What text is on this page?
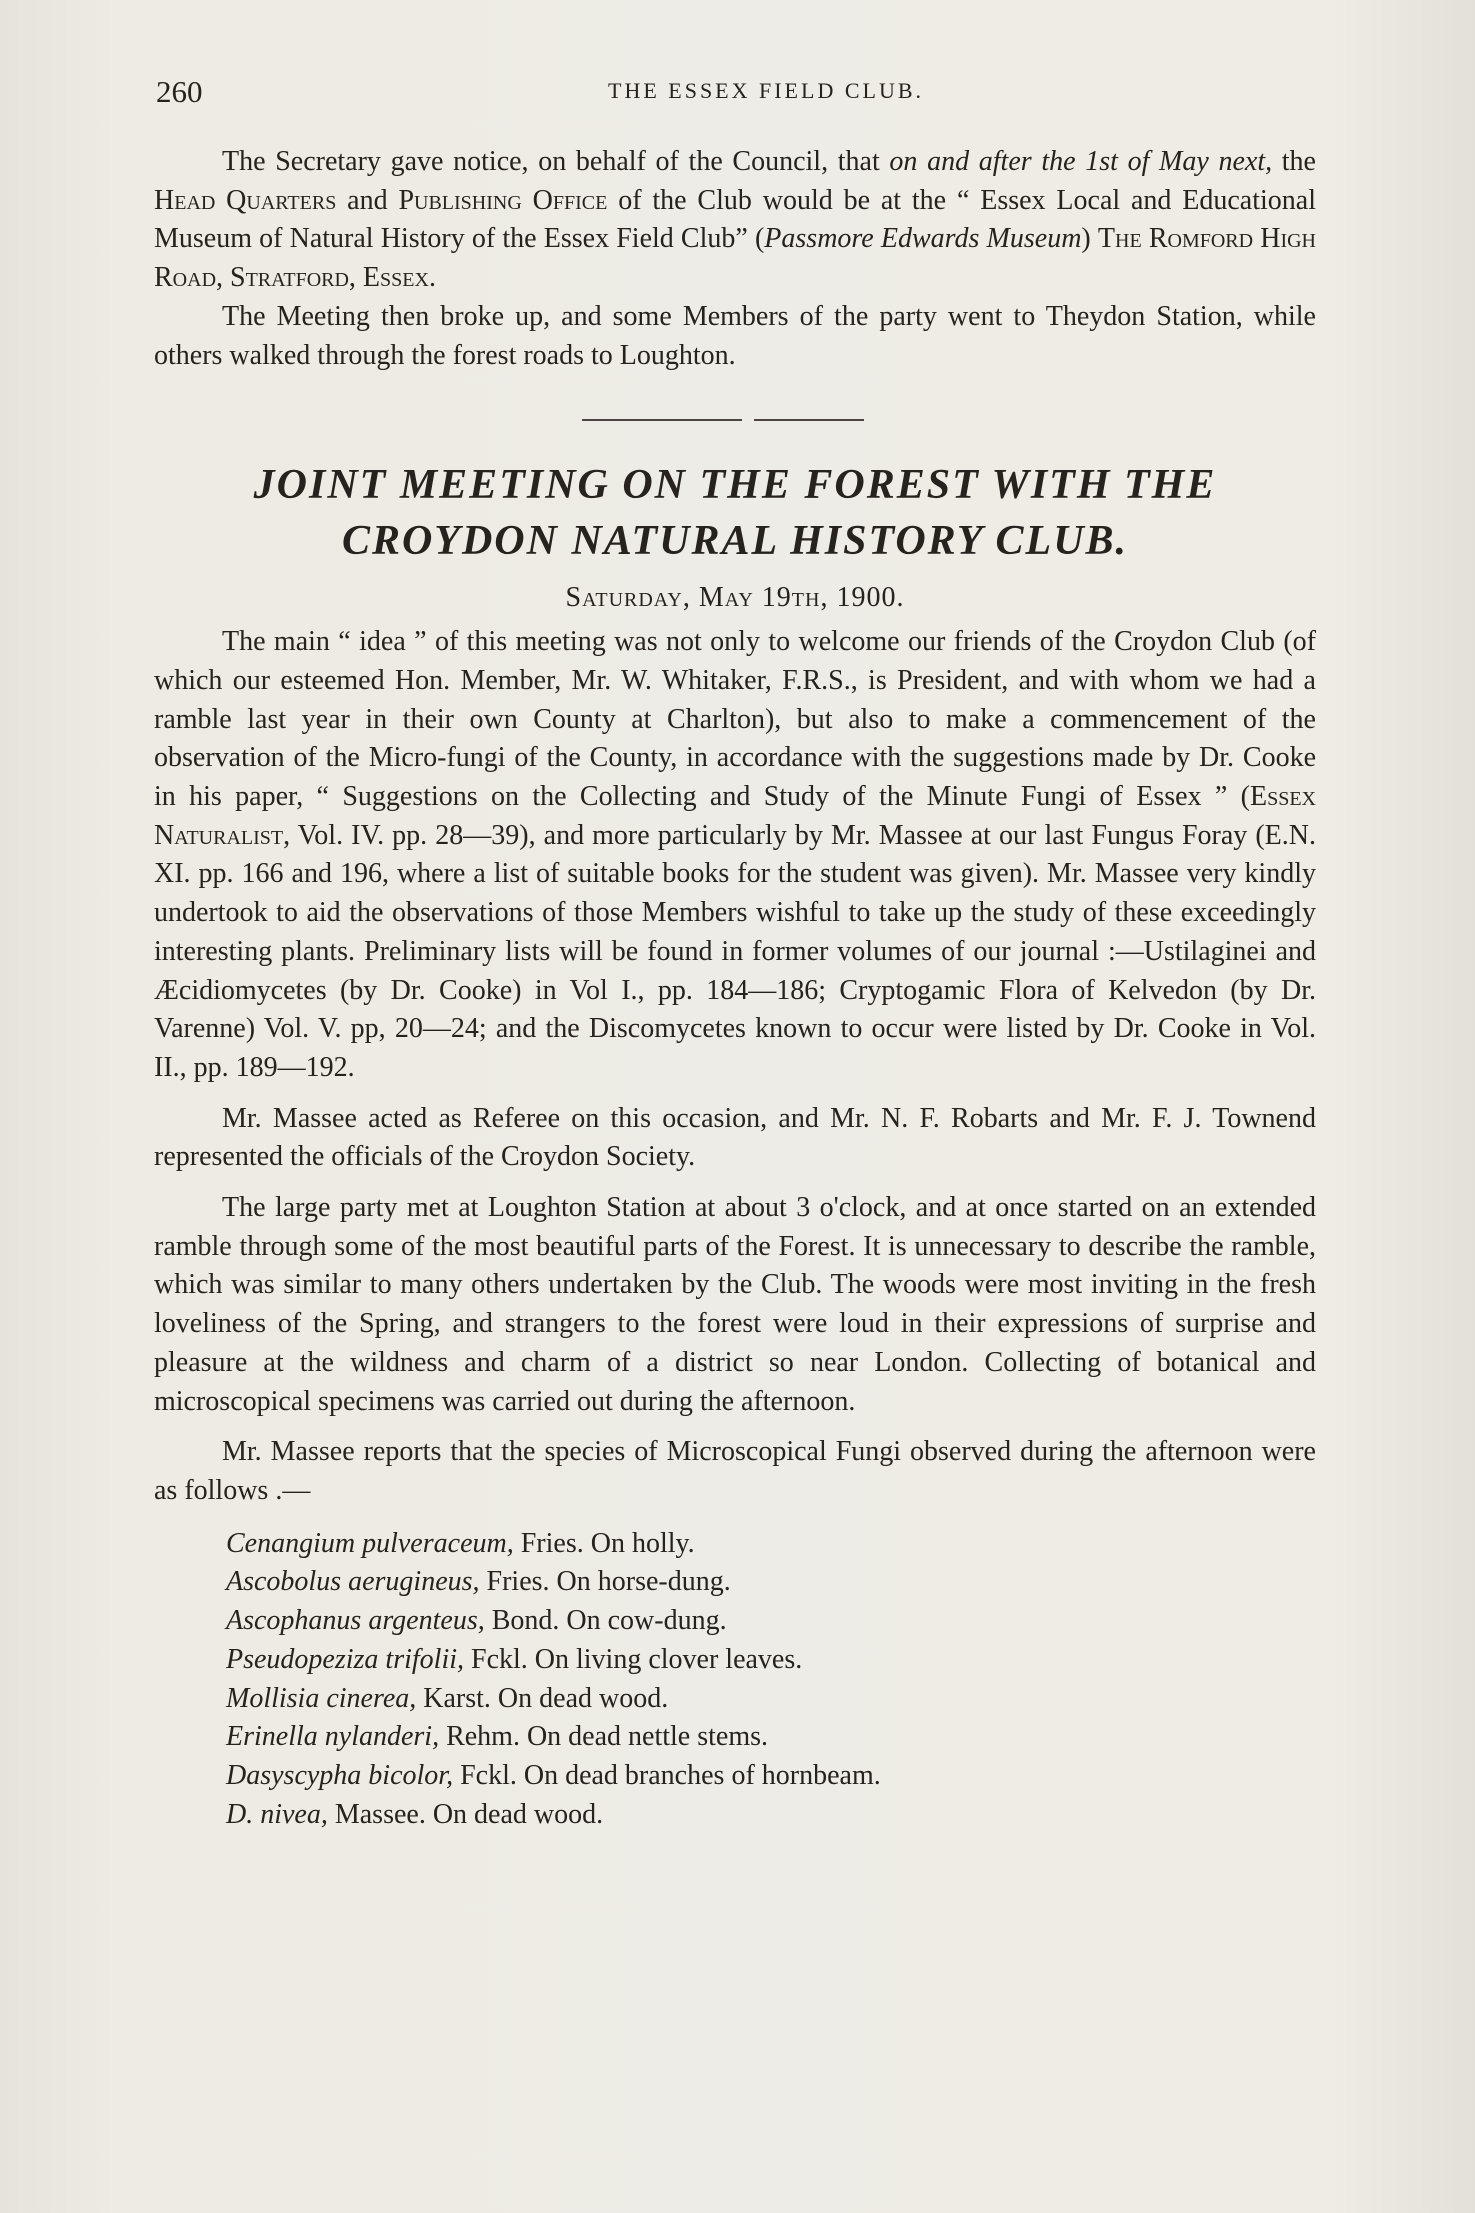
260	THE ESSEX FIELD CLUB.

The Secretary gave notice, on behalf of the Council, that on and after the 1st of May next, the Head Quarters and Publishing Office of the Club would be at the “ Essex Local and Educational Museum of Natural History of the Essex Field Club” (Passmore Edwards Museum) The Romford High Road, Stratford, Essex.

The Meeting then broke up, and some Members of the party went to Theydon Station, while others walked through the forest roads to Loughton.

JOINT MEETING ON THE FOREST WITH THE
CROYDON NATURAL HISTORY CLUB.
Saturday, May 19th, 1900.

The main “ idea ” of this meeting was not only to welcome our friends of the Croydon Club (of which our esteemed Hon. Member, Mr. W. Whitaker, F.R.S., is President, and with whom we had a ramble last year in their own County at Charlton), but also to make a commencement of the observation of the Micro-fungi of the County, in accordance with the suggestions made by Dr. Cooke in his paper, “ Suggestions on the Collecting and Study of the Minute Fungi of Essex ” (Essex Naturalist, Vol. IV. pp. 28—39), and more particularly by Mr. Massee at our last Fungus Foray (E.N. XI. pp. 166 and 196, where a list of suitable books for the student was given). Mr. Massee very kindly undertook to aid the observations of those Members wishful to take up the study of these exceedingly interesting plants. Preliminary lists will be found in former volumes of our journal :—Ustilaginei and Æcidiomycetes (by Dr. Cooke) in Vol I., pp. 184—186; Cryptogamic Flora of Kelvedon (by Dr. Varenne) Vol. V. pp, 20—24; and the Discomycetes known to occur were listed by Dr. Cooke in Vol. II., pp. 189—192.

Mr. Massee acted as Referee on this occasion, and Mr. N. F. Robarts and Mr. F. J. Townend represented the officials of the Croydon Society.

The large party met at Loughton Station at about 3 o'clock, and at once started on an extended ramble through some of the most beautiful parts of the Forest. It is unnecessary to describe the ramble, which was similar to many others undertaken by the Club. The woods were most inviting in the fresh loveliness of the Spring, and strangers to the forest were loud in their expressions of surprise and pleasure at the wildness and charm of a district so near London. Collecting of botanical and microscopical specimens was carried out during the afternoon.

Mr. Massee reports that the species of Microscopical Fungi observed during the afternoon were as follows .—

Cenangium pulveraceum, Fries. On holly.
Ascobolus aerugineus, Fries. On horse-dung.
Ascophanus argenteus, Bond. On cow-dung.
Pseudopeziza trifolii, Fckl. On living clover leaves.
Mollisia cinerea, Karst. On dead wood.
Erinella nylanderi, Rehm. On dead nettle stems.
Dasyscypha bicolor, Fckl. On dead branches of hornbeam.
D. nivea, Massee. On dead wood.
